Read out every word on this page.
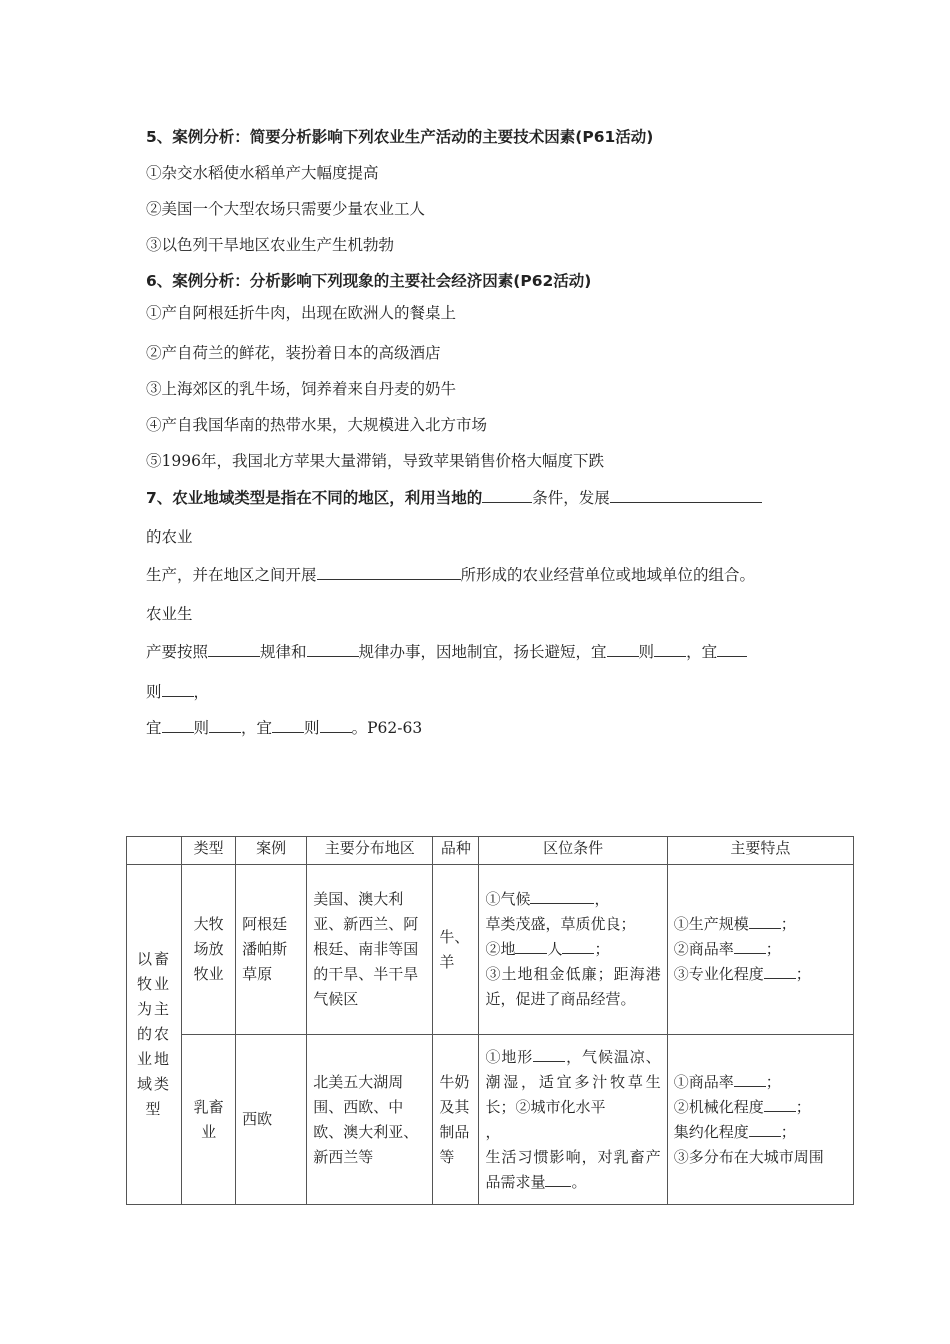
5、案例分析：简要分析影响下列农业生产活动的主要技术因素(P61活动)
①杂交水稻使水稻单产大幅度提高
②美国一个大型农场只需要少量农业工人
③以色列干旱地区农业生产生机勃勃
6、案例分析：分析影响下列现象的主要社会经济因素(P62活动)
①产自阿根廷折牛肉，出现在欧洲人的餐桌上
②产自荷兰的鲜花，装扮着日本的高级酒店
③上海郊区的乳牛场，饲养着来自丹麦的奶牛
④产自我国华南的热带水果，大规模进入北方市场
⑤1996年，我国北方苹果大量滞销，导致苹果销售价格大幅度下跌
7、农业地域类型是指在不同的地区，利用当地的	条件，发展
的农业
生产，并在地区之间开展	所形成的农业经营单位或地域单位的组合。
农业生
产要按照	规律和	规律办事，因地制宜，扬长避短，宜 则 ，宜
则 ，
宜 则 ，宜 则 。P62-63
	类型	案例	主要分布地区	品种	区位条件	主要特点
以畜牧业为主的农业地域类型	大牧场放牧业	阿根廷潘帕斯草原	美国、澳大利亚、新西兰、阿根廷、南非等国的干旱、半干旱气候区	牛、羊	①气候 ，
草类茂盛，草质优良；
②地 人 ；
③土地租金低廉；距海港近，促进了商品经营。	①生产规模 ；
②商品率 ；
③专业化程度 ；
	乳畜业	西欧	北美五大湖周围、西欧、中欧、澳大利亚、新西兰等	牛奶及其制品等	①地形 ，气候温凉、潮湿，适宜多汁牧草生长；②城市化水平
，
生活习惯影响，对乳畜产品需求量 。	①商品率 ；
②机械化程度 ；
集约化程度 ；
③多分布在大城市周围
